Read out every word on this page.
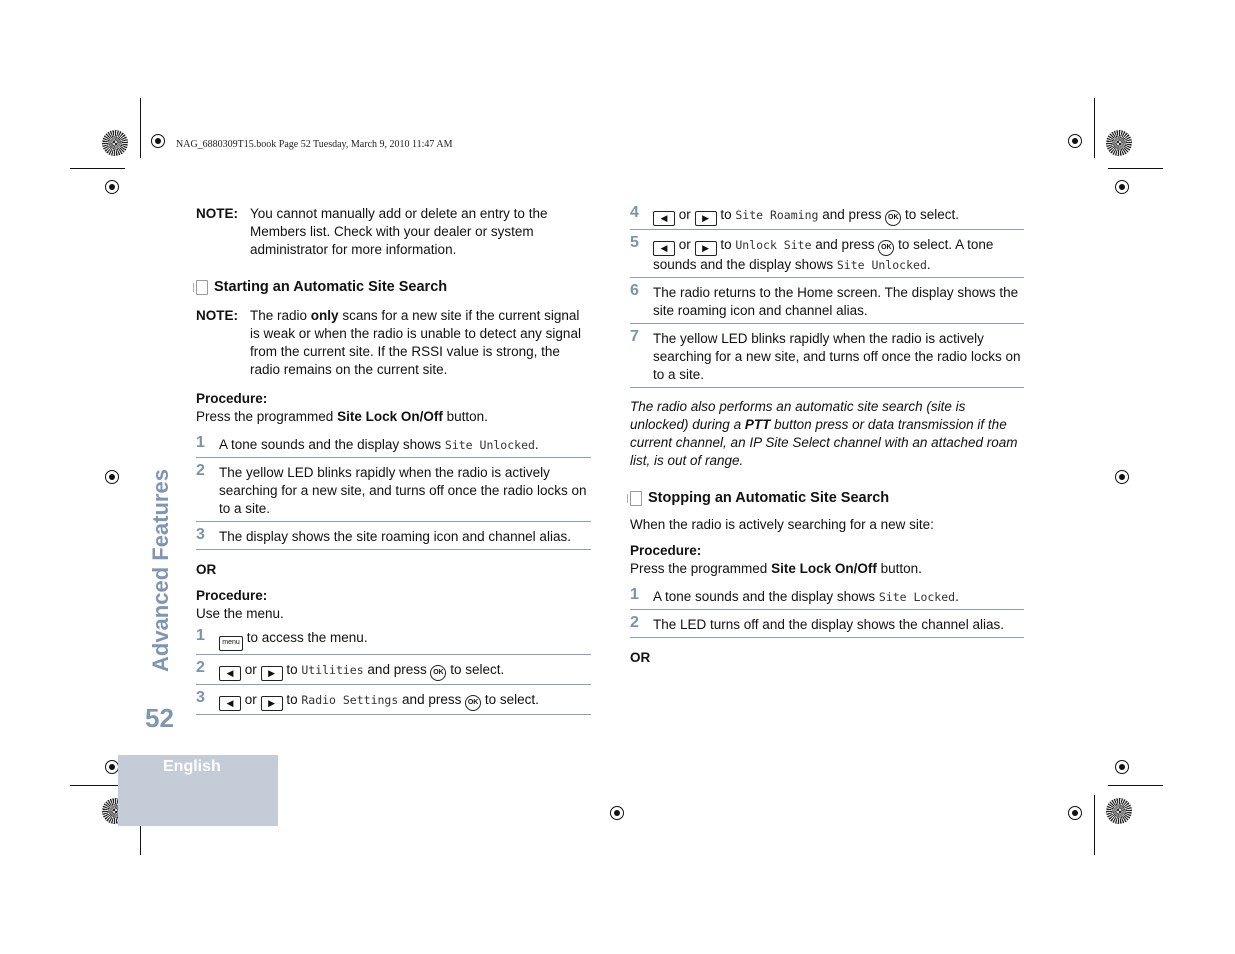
NAG_6880309T15.book Page 52 Tuesday, March 9, 2010 11:47 AM
Advanced Features
52
English
NOTE: You cannot manually add or delete an entry to the Members list. Check with your dealer or system administrator for more information.
Starting an Automatic Site Search
NOTE: The radio only scans for a new site if the current signal is weak or when the radio is unable to detect any signal from the current site. If the RSSI value is strong, the radio remains on the current site.
Procedure:
Press the programmed Site Lock On/Off button.
1 A tone sounds and the display shows Site Unlocked.
2 The yellow LED blinks rapidly when the radio is actively searching for a new site, and turns off once the radio locks on to a site.
3 The display shows the site roaming icon and channel alias.
OR
Procedure:
Use the menu.
1 menu to access the menu.
2 ◀ or ▶ to Utilities and press OK to select.
3 ◀ or ▶ to Radio Settings and press OK to select.
4 ◀ or ▶ to Site Roaming and press OK to select.
5 ◀ or ▶ to Unlock Site and press OK to select. A tone sounds and the display shows Site Unlocked.
6 The radio returns to the Home screen. The display shows the site roaming icon and channel alias.
7 The yellow LED blinks rapidly when the radio is actively searching for a new site, and turns off once the radio locks on to a site.
The radio also performs an automatic site search (site is unlocked) during a PTT button press or data transmission if the current channel, an IP Site Select channel with an attached roam list, is out of range.
Stopping an Automatic Site Search
When the radio is actively searching for a new site:
Procedure:
Press the programmed Site Lock On/Off button.
1 A tone sounds and the display shows Site Locked.
2 The LED turns off and the display shows the channel alias.
OR
